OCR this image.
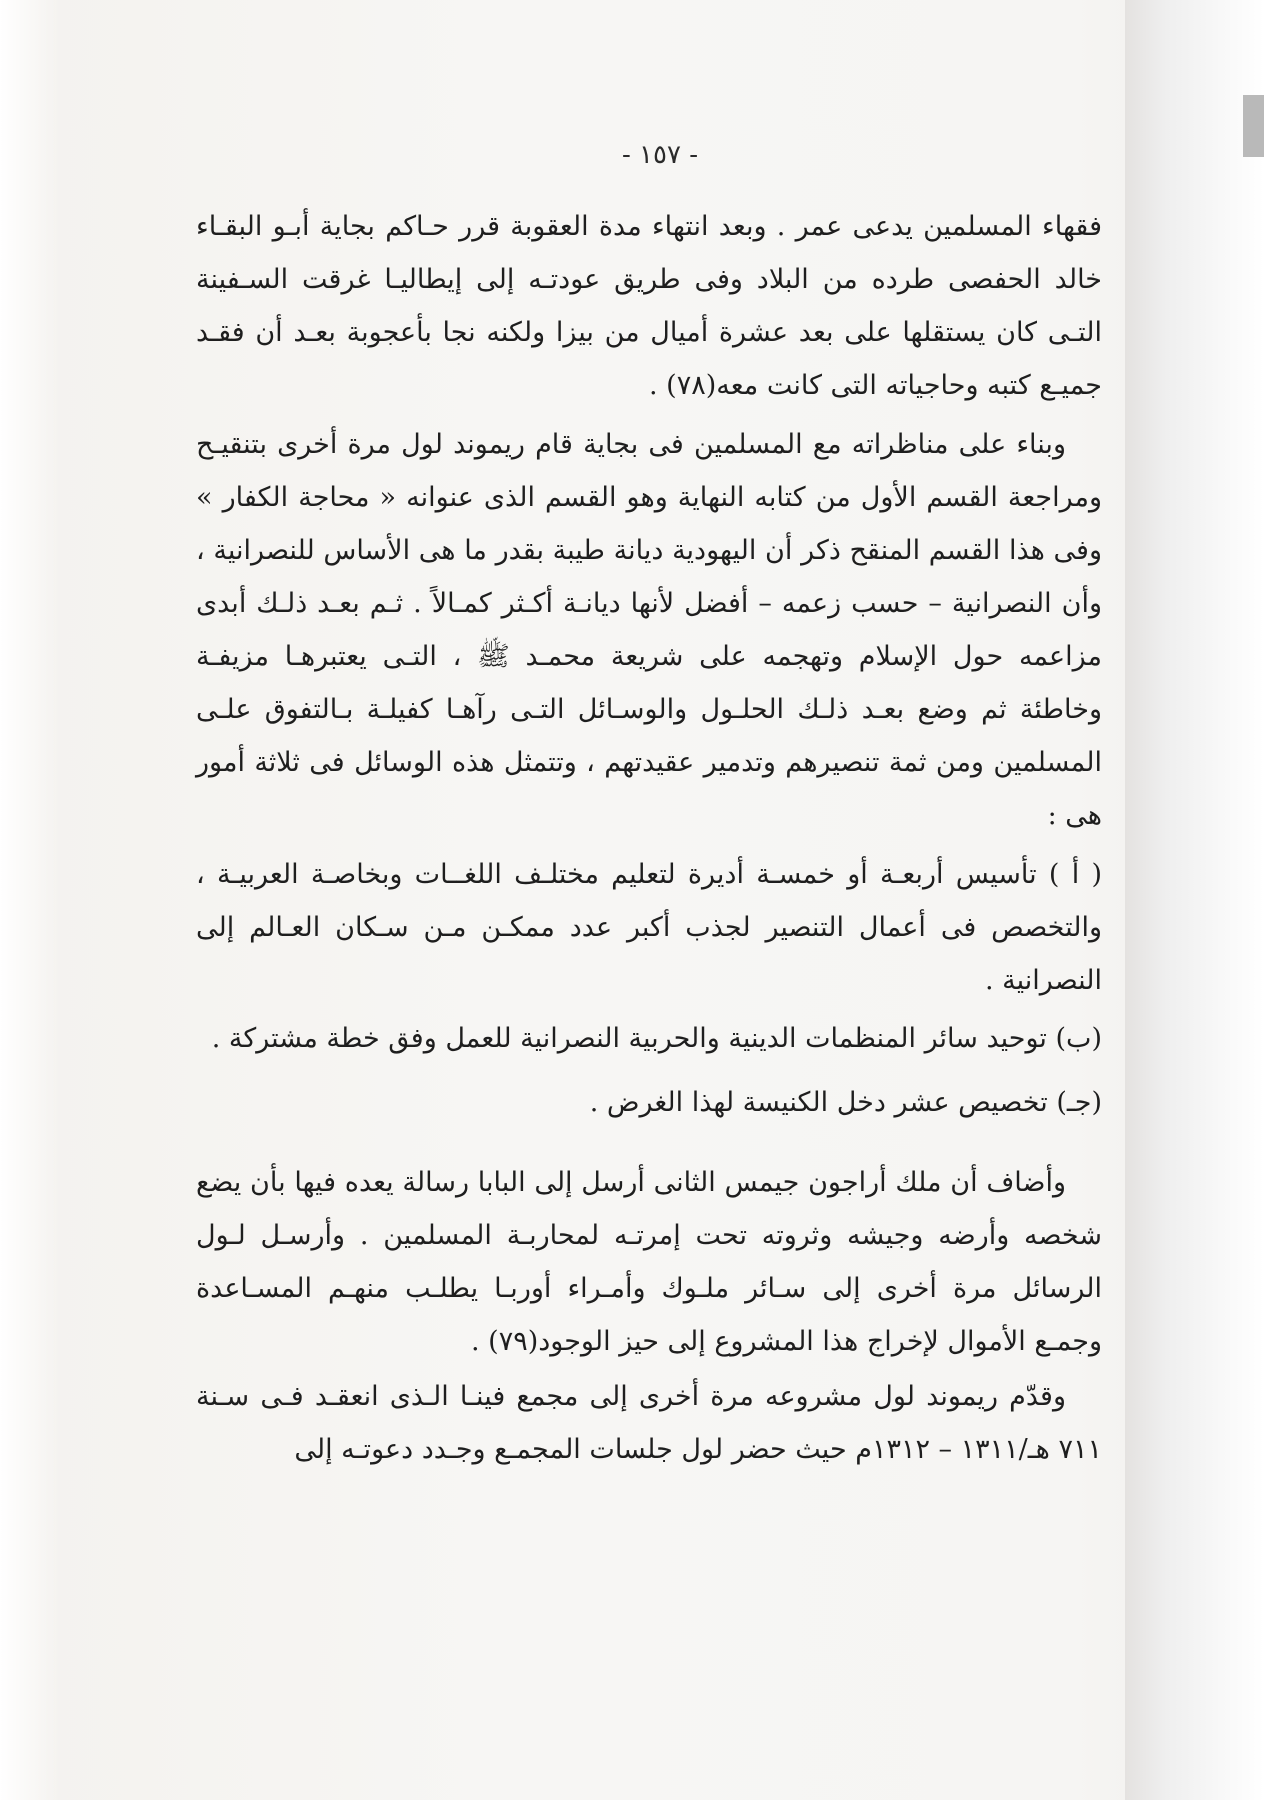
- ١٥٧ -

فقهاء المسلمين يدعى عمر . وبعد انتهاء مدة العقوبة قرر حـاكم بجاية أبـو البقـاء خالد الحفصى طرده من البلاد وفى طريق عودتـه إلى إيطاليـا غرقت السـفينة التـى كان يستقلها على بعد عشرة أميال من بيزا ولكنه نجا بأعجوبة بعـد أن فقـد جميـع كتبه وحاجياته التى كانت معه(٧٨) .

وبناء على مناظراته مع المسلمين فى بجاية قام ريموند لول مرة أخرى بتنقيـح ومراجعة القسم الأول من كتابه النهاية وهو القسم الذى عنوانه « محاجة الكفار » وفى هذا القسم المنقح ذكر أن اليهودية ديانة طيبة بقدر ما هى الأساس للنصرانية ، وأن النصرانية – حسب زعمه – أفضل لأنها ديانـة أكـثر كمـالاً . ثـم بعـد ذلـك أبدى مزاعمه حول الإسلام وتهجمه على شريعة محمـد ﷺ ، التـى يعتبرهـا مزيفـة وخاطئة ثم وضع بعـد ذلـك الحلـول والوسـائل التـى رآهـا كفيلـة بـالتفوق علـى المسلمين ومن ثمة تنصيرهم وتدمير عقيدتهم ، وتتمثل هذه الوسائل فى ثلاثة أمور هى :

( أ ) تأسيس أربعـة أو خمسـة أديرة لتعليم مختلـف اللغــات وبخاصـة العربيـة ، والتخصص فى أعمال التنصير لجذب أكبر عدد ممكـن مـن سـكان العـالم إلى النصرانية .

(ب) توحيد سائر المنظمات الدينية والحربية النصرانية للعمل وفق خطة مشتركة .

(جـ) تخصيص عشر دخل الكنيسة لهذا الغرض .

وأضاف أن ملك أراجون جيمس الثانى أرسل إلى البابا رسالة يعده فيها بأن يضع شخصه وأرضه وجيشه وثروته تحت إمرتـه لمحاربـة المسلمين . وأرسـل لـول الرسائل مرة أخرى إلى سـائر ملـوك وأمـراء أوربـا يطلـب منهـم المسـاعدة وجمـع الأموال لإخراج هذا المشروع إلى حيز الوجود(٧٩) .

وقدّم ريموند لول مشروعه مرة أخرى إلى مجمع فينـا الـذى انعقـد فـى سـنة ٧١١ هـ/١٣١١ – ١٣١٢م حيث حضر لول جلسات المجمـع وجـدد دعوتـه إلى
